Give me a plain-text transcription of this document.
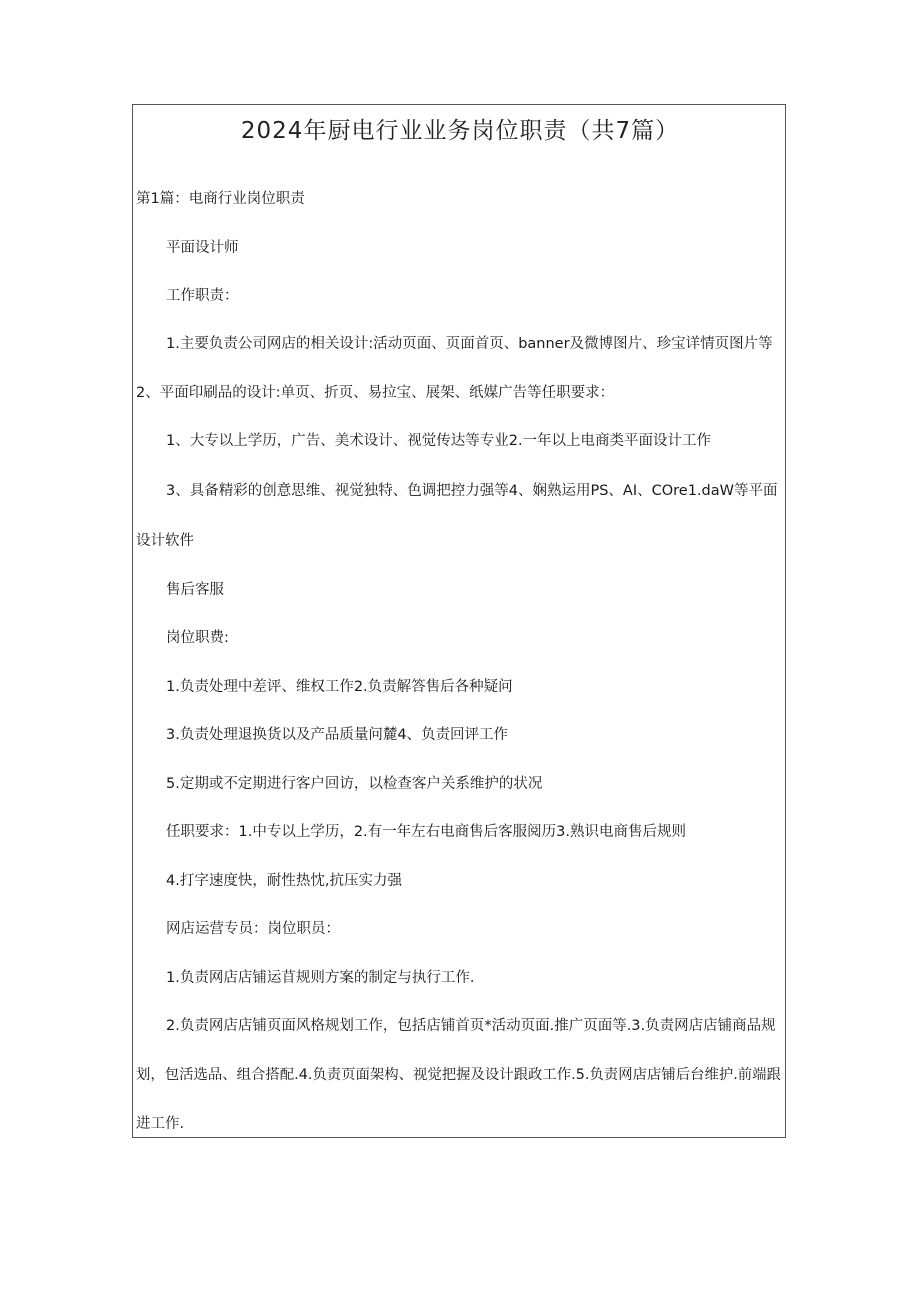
2024年厨电行业业务岗位职责（共7篇）

第1篇：电商行业岗位职责

平面设计师

工作职责：

1.主要负责公司网店的相关设计:活动页面、页面首页、banner及微博图片、珍宝详情页图片等

2、平面印刷品的设计:单页、折页、易拉宝、展架、纸媒广告等任职要求：

1、大专以上学历，广告、美术设计、视觉传达等专业2.一年以上电商类平面设计工作

3、具备精彩的创意思维、视觉独特、色调把控力强等4、娴熟运用PS、AI、COre1.daW等平面

设计软件

售后客服

岗位职费:

1.负责处理中差评、维权工作2.负责解答售后各种疑问

3.负责处理退换货以及产品质量问麓4、负责回评工作

5.定期或不定期进行客户回访，以检查客户关系维护的状况

任职要求：1.中专以上学历，2.有一年左右电商售后客服阅历3.熟识电商售后规则

4.打字速度快，耐性热忱,抗压实力强

网店运营专员：岗位职员：

1.负责网店店铺运苜规则方案的制定与执行工作.

2.负责网店店铺页面风格规划工作，包括店铺首页*活动页面.推广页面等.3.负责网店店铺商品规

划，包活选品、组合搭配.4.负责页面架构、视觉把握及设计跟政工作.5.负责网店店铺后台维护.前端跟

进工作.
